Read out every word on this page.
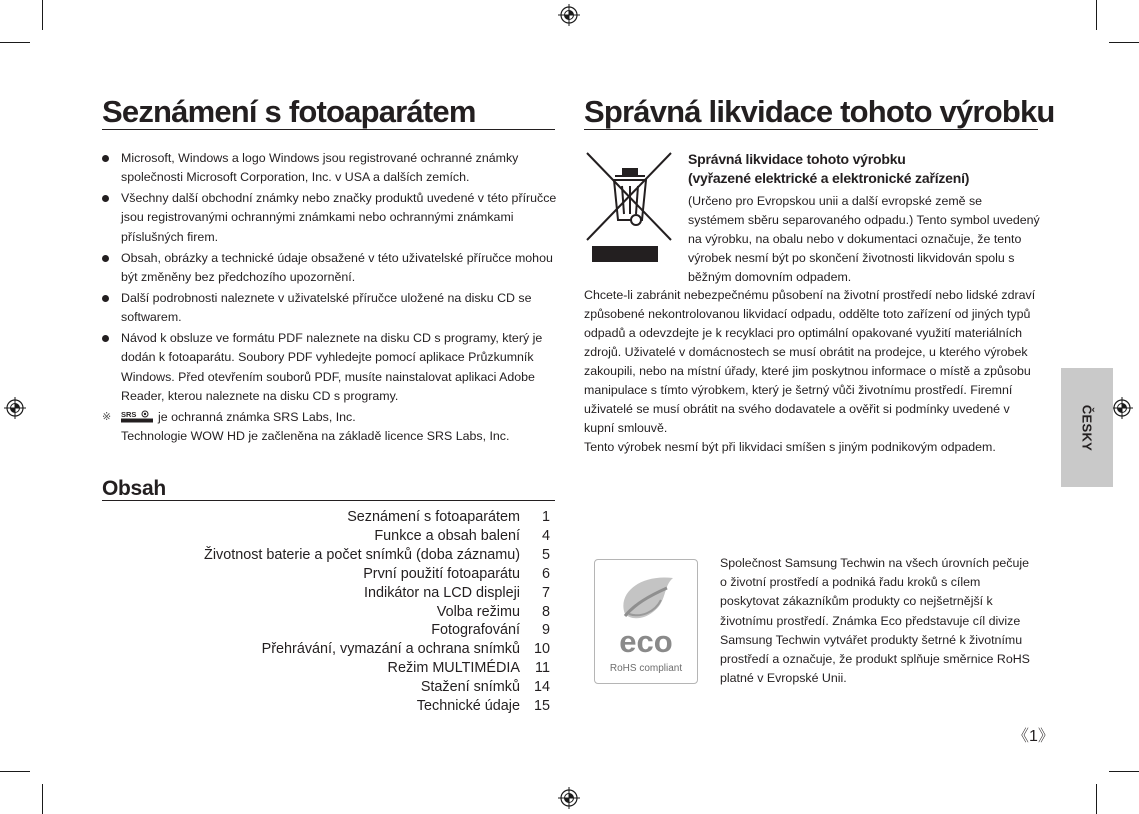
Seznámení s fotoaparátem
Microsoft, Windows a logo Windows jsou registrované ochranné známky společnosti Microsoft Corporation, Inc. v USA a dalších zemích.
Všechny další obchodní známky nebo značky produktů uvedené v této příručce jsou registrovanými ochrannými známkami nebo ochrannými známkami příslušných firem.
Obsah, obrázky a technické údaje obsažené v této uživatelské příručce mohou být změněny bez předchozího upozornění.
Další podrobnosti naleznete v uživatelské příručce uložené na disku CD se softwarem.
Návod k obsluze ve formátu PDF naleznete na disku CD s programy, který je dodán k fotoaparátu. Soubory PDF vyhledejte pomocí aplikace Průzkumník Windows. Před otevřením souborů PDF, musíte nainstalovat aplikaci Adobe Reader, kterou naleznete na disku CD s programy.
※ SRS je ochranná známka SRS Labs, Inc.
Technologie WOW HD je začleněna na základě licence SRS Labs, Inc.
Obsah
Seznámení s fotoaparátem	1
Funkce a obsah balení	4
Životnost baterie a počet snímků (doba záznamu)	5
První použití fotoaparátu	6
Indikátor na LCD displeji	7
Volba režimu	8
Fotografování	9
Přehrávání, vymazání a ochrana snímků 10
Režim MULTIMÉDIA	11
Stažení snímků 14
Technické údaje 15
Správná likvidace tohoto výrobku
Správná likvidace tohoto výrobku
(vyřazené elektrické a elektronické zařízení)
(Určeno pro Evropskou unii a další evropské země se systémem sběru separovaného odpadu.) Tento symbol uvedený na výrobku, na obalu nebo v dokumentaci označuje, že tento výrobek nesmí být po skončení životnosti likvidován spolu s běžným domovním odpadem.
Chcete-li zabránit nebezpečnému působení na životní prostředí nebo lidské zdraví způsobené nekontrolovanou likvidací odpadu, oddělte toto zařízení od jiných typů odpadů a odevzdejte je k recyklaci pro optimální opakované využití materiálních zdrojů. Uživatelé v domácnostech se musí obrátit na prodejce, u kterého výrobek zakoupili, nebo na místní úřady, které jim poskytnou informace o místě a způsobu manipulace s tímto výrobkem, který je šetrný vůči životnímu prostředí. Firemní uživatelé se musí obrátit na svého dodavatele a ověřit si podmínky uvedené v kupní smlouvě.
Tento výrobek nesmí být při likvidaci smíšen s jiným podnikovým odpadem.
eco
RoHS compliant
Společnost Samsung Techwin na všech úrovních pečuje o životní prostředí a podniká řadu kroků s cílem poskytovat zákazníkům produkty co nejšetrnější k životnímu prostředí. Známka Eco představuje cíl divize Samsung Techwin vytvářet produkty šetrné k životnímu prostředí a označuje, že produkt splňuje směrnice RoHS platné v Evropské Unii.
ČESKY
《1》
